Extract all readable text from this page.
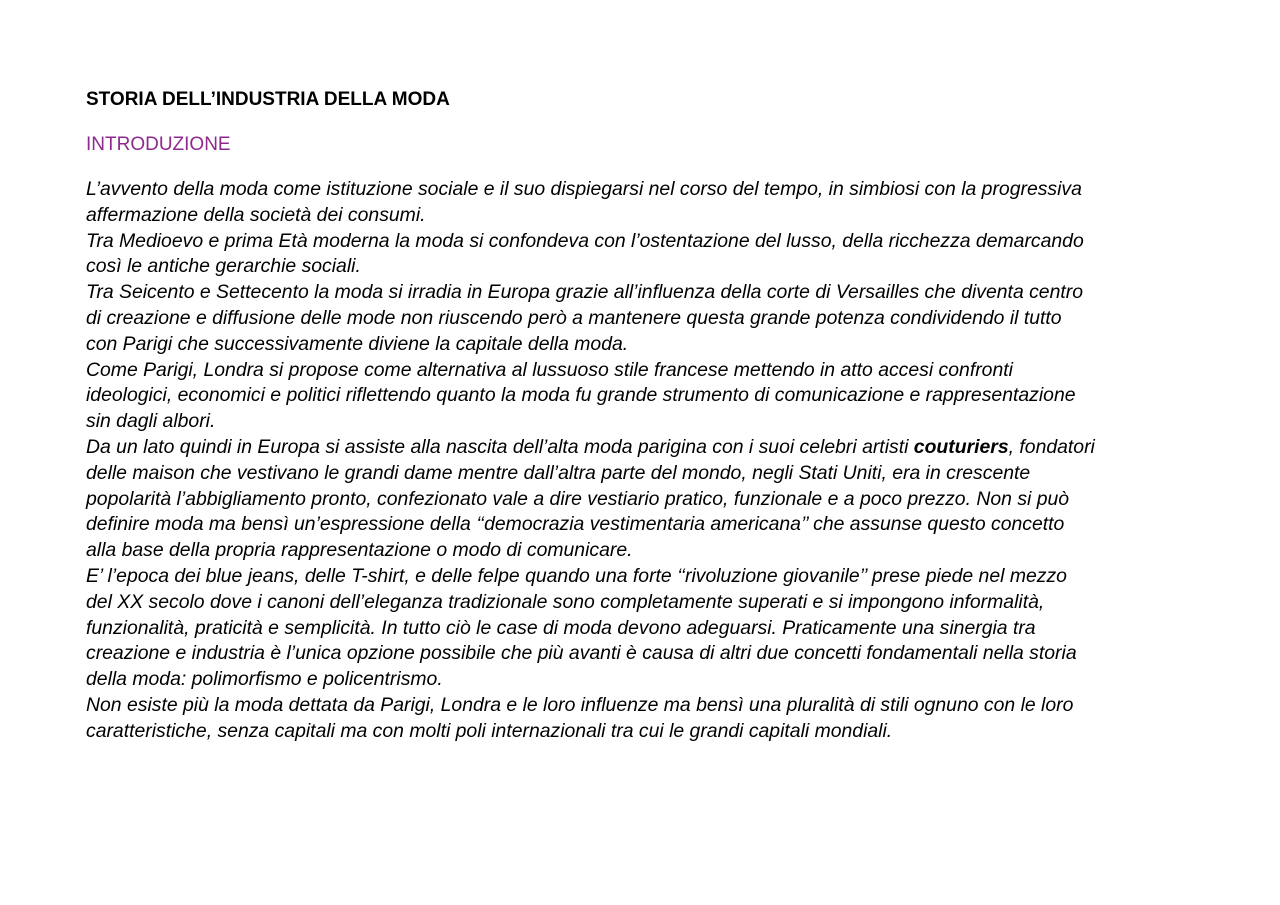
STORIA DELL’INDUSTRIA DELLA MODA
INTRODUZIONE
L’avvento della moda come istituzione sociale e il suo dispiegarsi nel corso del tempo, in simbiosi con la progressiva
affermazione della società dei consumi.
Tra Medioevo e prima Età moderna la moda si confondeva con l’ostentazione del lusso, della ricchezza demarcando
così le antiche gerarchie sociali.
Tra Seicento e Settecento la moda si irradia in Europa grazie all’influenza della corte di Versailles che diventa centro
di creazione e diffusione delle mode non riuscendo però a mantenere questa grande potenza condividendo il tutto
con Parigi che successivamente diviene la capitale della moda.
Come Parigi, Londra si propose come alternativa al lussuoso stile francese mettendo in atto accesi confronti
ideologici, economici e politici riflettendo quanto la moda fu grande strumento di comunicazione e rappresentazione
sin dagli albori.
Da un lato quindi in Europa si assiste alla nascita dell’alta moda parigina con i suoi celebri artisti couturiers, fondatori
delle maison che vestivano le grandi dame mentre dall’altra parte del mondo, negli Stati Uniti, era in crescente
popolarità l’abbigliamento pronto, confezionato vale a dire vestiario pratico, funzionale e a poco prezzo. Non si può
definire moda ma bensì un’espressione della ‘‘democrazia vestimentaria americana’’ che assunse questo concetto
alla base della propria rappresentazione o modo di comunicare.
E’ l’epoca dei blue jeans, delle T-shirt, e delle felpe quando una forte ‘‘rivoluzione giovanile’’ prese piede nel mezzo
del XX secolo dove i canoni dell’eleganza tradizionale sono completamente superati e si impongono informalità,
funzionalità, praticità e semplicità. In tutto ciò le case di moda devono adeguarsi. Praticamente una sinergia tra
creazione e industria è l’unica opzione possibile che più avanti è causa di altri due concetti fondamentali nella storia
della moda: polimorfismo e policentrismo.
Non esiste più la moda dettata da Parigi, Londra e le loro influenze ma bensì una pluralità di stili ognuno con le loro
caratteristiche, senza capitali ma con molti poli internazionali tra cui le grandi capitali mondiali.
